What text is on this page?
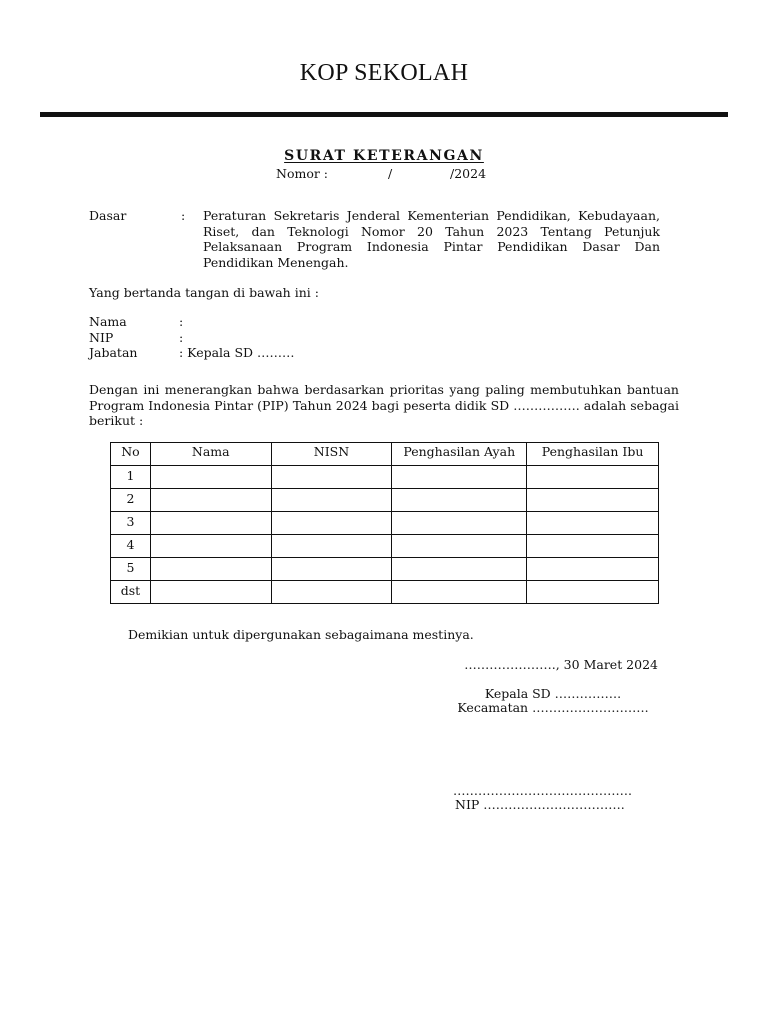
KOP SEKOLAH
SURAT KETERANGAN
Nomor :	/	/2024
Dasar	: Peraturan Sekretaris Jenderal Kementerian Pendidikan, Kebudayaan, Riset, dan Teknologi Nomor 20 Tahun 2023 Tentang Petunjuk Pelaksanaan Program Indonesia Pintar Pendidikan Dasar Dan Pendidikan Menengah.
Yang bertanda tangan di bawah ini :
Nama	:
NIP	:
Jabatan	: Kepala SD ………
Dengan ini menerangkan bahwa berdasarkan prioritas yang paling membutuhkan bantuan Program Indonesia Pintar (PIP) Tahun 2024 bagi peserta didik SD ……………. adalah sebagai berikut :
No	Nama	NISN	Penghasilan Ayah	Penghasilan Ibu
1				
2				
3				
4				
5				
dst				
Demikian untuk dipergunakan sebagaimana mestinya.
…………………., 30 Maret 2024
Kepala SD …………….
Kecamatan ……………………….
…………………………………….
NIP …………………………….
